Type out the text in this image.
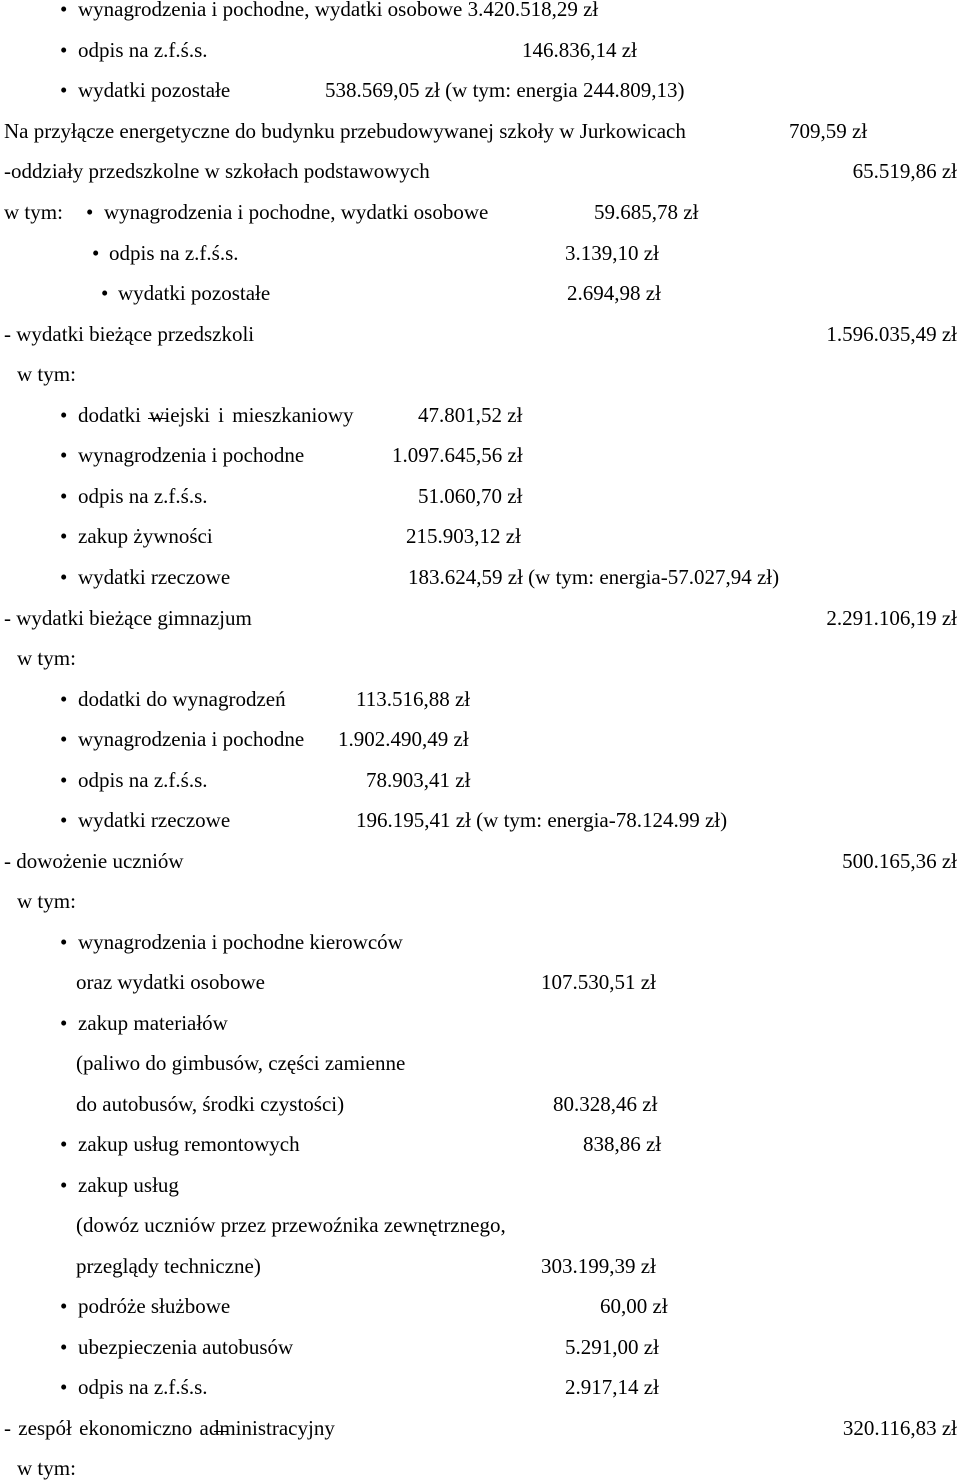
• wynagrodzenia i pochodne, wydatki osobowe 3.420.518,29 zł
• odpis na z.f.ś.s.	146.836,14 zł
• wydatki pozostałe	538.569,05 zł (w tym: energia 244.809,13)
Na przyłącze energetyczne do budynku przebudowywanej szkoły w Jurkowicach	709,59 zł
-oddziały przedszkolne w szkołach podstawowych	65.519,86 zł
w tym: • wynagrodzenia i pochodne, wydatki osobowe	59.685,78 zł
• odpis na z.f.ś.s.	3.139,10 zł
• wydatki pozostałe	2.694,98 zł
- wydatki bieżące przedszkoli	1.596.035,49 zł
w tym:
• dodatki wiejski i mieszkaniowy	47.801,52 zł
• wynagrodzenia i pochodne	1.097.645,56 zł
• odpis na z.f.ś.s.	51.060,70 zł
• zakup żywności	215.903,12 zł
• wydatki rzeczowe	183.624,59 zł (w tym: energia-57.027,94 zł)
- wydatki bieżące gimnazjum	2.291.106,19 zł
w tym:
• dodatki do wynagrodzeń	113.516,88 zł
• wynagrodzenia i pochodne 1.902.490,49 zł
• odpis na z.f.ś.s.	78.903,41 zł
• wydatki rzeczowe	196.195,41 zł (w tym: energia-78.124.99 zł)
- dowożenie uczniów	500.165,36 zł
w tym:
• wynagrodzenia i pochodne kierowców
oraz wydatki osobowe	107.530,51 zł
• zakup materiałów
(paliwo do gimbusów, części zamienne
do autobusów, środki czystości)	80.328,46 zł
• zakup usług remontowych	838,86 zł
• zakup usług
(dowóz uczniów przez przewoźnika zewnętrznego,
przeglądy techniczne)	303.199,39 zł
• podróże służbowe	60,00 zł
• ubezpieczenia autobusów	5.291,00 zł
• odpis na z.f.ś.s.	2.917,14 zł
- zespół ekonomiczno administracyjny	320.116,83 zł
w tym:
